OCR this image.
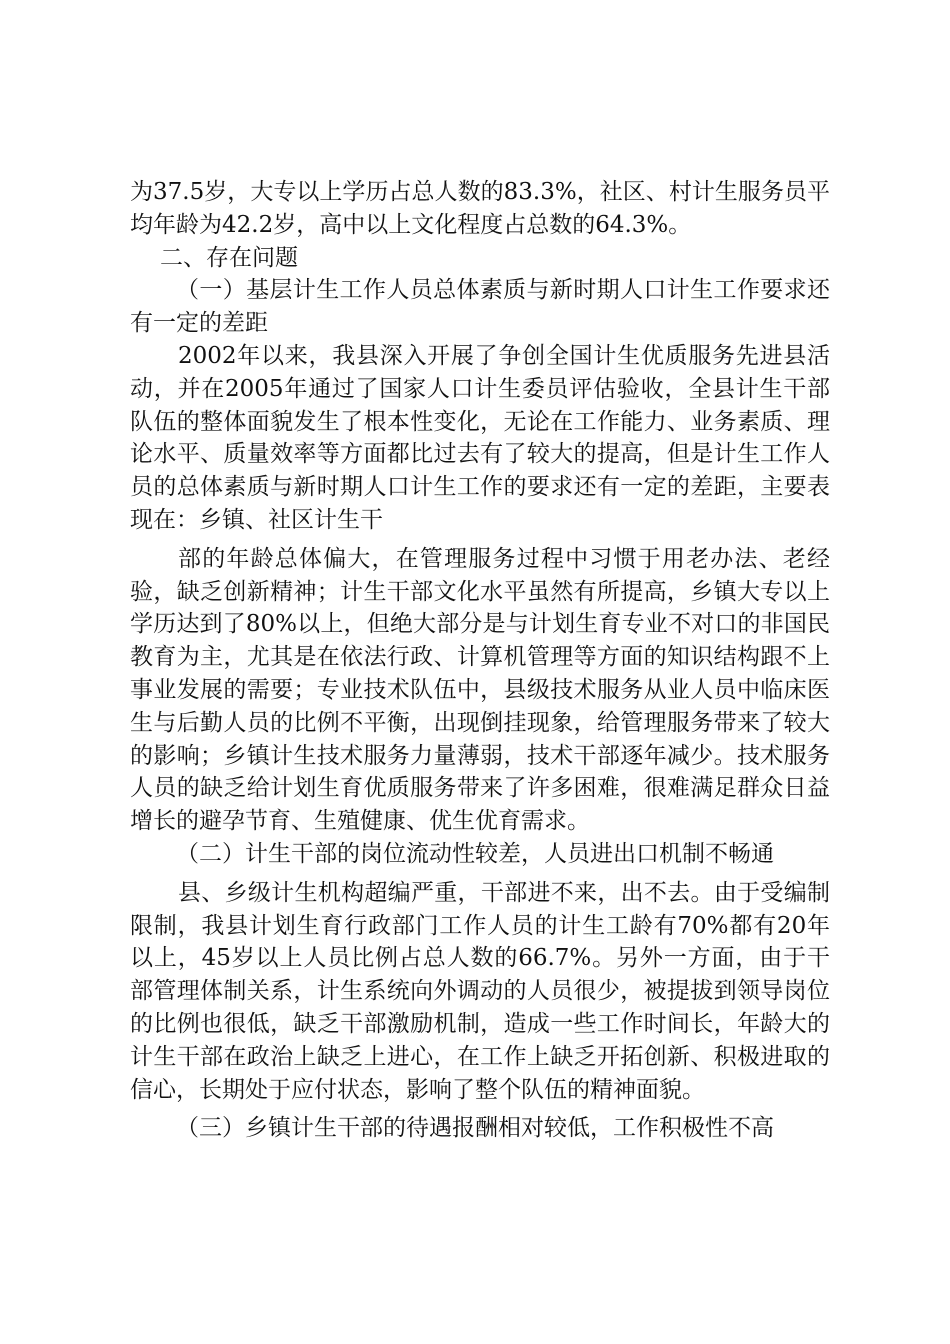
为37.5岁，大专以上学历占总人数的83.3%，社区、村计生服务员平均年龄为42.2岁，高中以上文化程度占总数的64.3%。

二、存在问题

（一）基层计生工作人员总体素质与新时期人口计生工作要求还有一定的差距

2002年以来，我县深入开展了争创全国计生优质服务先进县活动，并在2005年通过了国家人口计生委员评估验收，全县计生干部队伍的整体面貌发生了根本性变化，无论在工作能力、业务素质、理论水平、质量效率等方面都比过去有了较大的提高，但是计生工作人员的总体素质与新时期人口计生工作的要求还有一定的差距，主要表现在：乡镇、社区计生干

部的年龄总体偏大，在管理服务过程中习惯于用老办法、老经验，缺乏创新精神；计生干部文化水平虽然有所提高，乡镇大专以上学历达到了80%以上，但绝大部分是与计划生育专业不对口的非国民教育为主，尤其是在依法行政、计算机管理等方面的知识结构跟不上事业发展的需要；专业技术队伍中，县级技术服务从业人员中临床医生与后勤人员的比例不平衡，出现倒挂现象，给管理服务带来了较大的影响；乡镇计生技术服务力量薄弱，技术干部逐年减少。技术服务人员的缺乏给计划生育优质服务带来了许多困难，很难满足群众日益增长的避孕节育、生殖健康、优生优育需求。

（二）计生干部的岗位流动性较差，人员进出口机制不畅通

县、乡级计生机构超编严重，干部进不来，出不去。由于受编制限制，我县计划生育行政部门工作人员的计生工龄有70%都有20年以上，45岁以上人员比例占总人数的66.7%。另外一方面，由于干部管理体制关系，计生系统向外调动的人员很少，被提拔到领导岗位的比例也很低，缺乏干部激励机制，造成一些工作时间长，年龄大的计生干部在政治上缺乏上进心，在工作上缺乏开拓创新、积极进取的信心，长期处于应付状态，影响了整个队伍的精神面貌。

（三）乡镇计生干部的待遇报酬相对较低，工作积极性不高
